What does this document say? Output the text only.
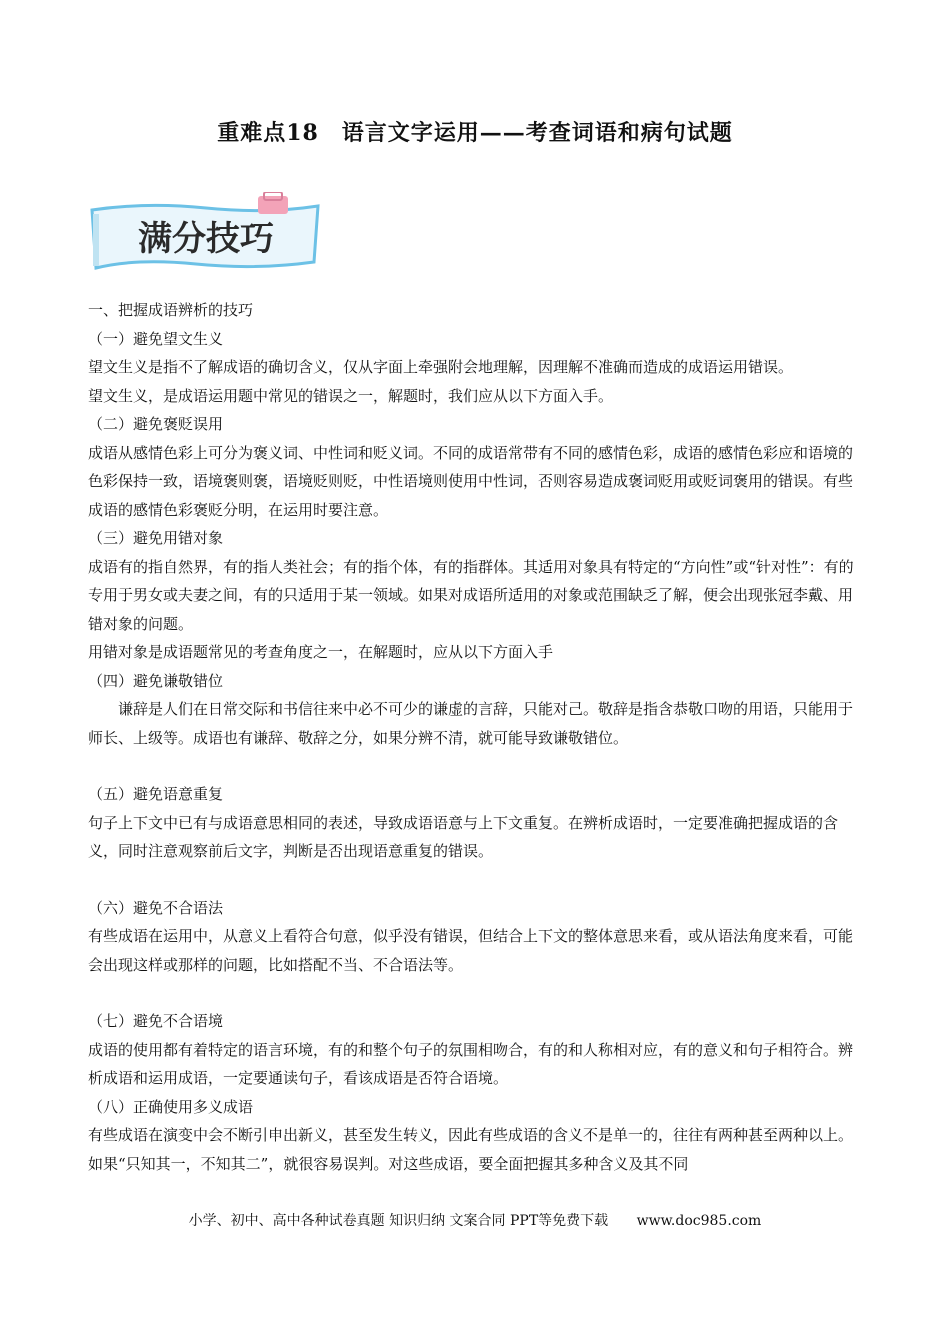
重难点18　语言文字运用——考查词语和病句试题
满分技巧

一、把握成语辨析的技巧

（一）避免望文生义

望文生义是指不了解成语的确切含义，仅从字面上牵强附会地理解，因理解不准确而造成的成语运用错误。

望文生义，是成语运用题中常见的错误之一，解题时，我们应从以下方面入手。

（二）避免褒贬误用

成语从感情色彩上可分为褒义词、中性词和贬义词。不同的成语常带有不同的感情色彩，成语的感情色彩应和语境的色彩保持一致，语境褒则褒，语境贬则贬，中性语境则使用中性词，否则容易造成褒词贬用或贬词褒用的错误。有些成语的感情色彩褒贬分明，在运用时要注意。

（三）避免用错对象

成语有的指自然界，有的指人类社会；有的指个体，有的指群体。其适用对象具有特定的“方向性”或“针对性”：有的专用于男女或夫妻之间，有的只适用于某一领域。如果对成语所适用的对象或范围缺乏了解，便会出现张冠李戴、用错对象的问题。

用错对象是成语题常见的考查角度之一，在解题时，应从以下方面入手

（四）避免谦敬错位

谦辞是人们在日常交际和书信往来中必不可少的谦虚的言辞，只能对己。敬辞是指含恭敬口吻的用语，只能用于师长、上级等。成语也有谦辞、敬辞之分，如果分辨不清，就可能导致谦敬错位。

（五）避免语意重复

句子上下文中已有与成语意思相同的表述，导致成语语意与上下文重复。在辨析成语时，一定要准确把握成语的含义，同时注意观察前后文字，判断是否出现语意重复的错误。

（六）避免不合语法

有些成语在运用中，从意义上看符合句意，似乎没有错误，但结合上下文的整体意思来看，或从语法角度来看，可能会出现这样或那样的问题，比如搭配不当、不合语法等。

（七）避免不合语境

成语的使用都有着特定的语言环境，有的和整个句子的氛围相吻合，有的和人称相对应，有的意义和句子相符合。辨析成语和运用成语，一定要通读句子，看该成语是否符合语境。

（八）正确使用多义成语

有些成语在演变中会不断引申出新义，甚至发生转义，因此有些成语的含义不是单一的，往往有两种甚至两种以上。如果“只知其一，不知其二”，就很容易误判。对这些成语，要全面把握其多种含义及其不同

小学、初中、高中各种试卷真题 知识归纳 文案合同 PPT等免费下载 www.doc985.com
